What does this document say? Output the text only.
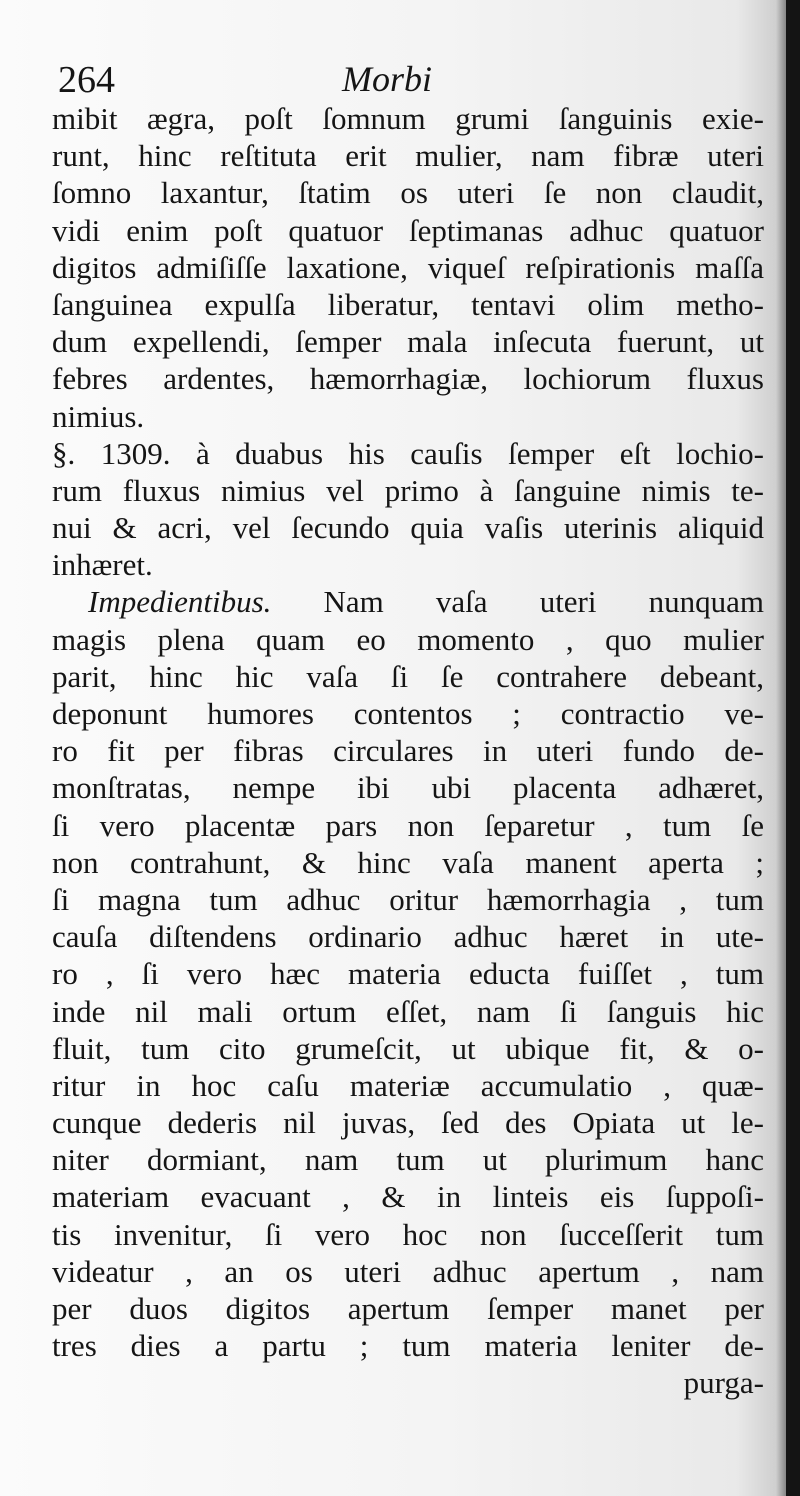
264	Morbi
mibit ægra, poſt ſomnum grumi ſanguinis exie-
runt, hinc reſtituta erit mulier, nam fibræ uteri
ſomno laxantur, ſtatim os uteri ſe non claudit,
vidi enim poſt quatuor ſeptimanas adhuc quatuor
digitos admiſiſſe laxatione, viqueſ reſpirationis maſſa
ſanguinea expulſa liberatur, tentavi olim metho-
dum expellendi, ſemper mala inſecuta fuerunt, ut
febres ardentes, hæmorrhagiæ, lochiorum fluxus
nimius.
§. 1309. à duabus his cauſis ſemper eſt lochio-
rum fluxus nimius vel primo à ſanguine nimis te-
nui & acri, vel ſecundo quia vaſis uterinis aliquid
inhæret.
Impedientibus. Nam vaſa uteri nunquam
magis plena quam eo momento , quo mulier
parit, hinc hic vaſa ſi ſe contrahere debeant,
deponunt humores contentos ; contractio ve-
ro fit per fibras circulares in uteri fundo de-
monſtratas, nempe ibi ubi placenta adhæret,
ſi vero placentæ pars non ſeparetur , tum ſe
non contrahunt, & hinc vaſa manent aperta ;
ſi magna tum adhuc oritur hæmorrhagia , tum
cauſa diſtendens ordinario adhuc hæret in ute-
ro , ſi vero hæc materia educta fuiſſet , tum
inde nil mali ortum eſſet, nam ſi ſanguis hic
fluit, tum cito grumeſcit, ut ubique fit, & o-
ritur in hoc caſu materiæ accumulatio , quæ-
cunque dederis nil juvas, ſed des Opiata ut le-
niter dormiant, nam tum ut plurimum hanc
materiam evacuant , & in linteis eis ſuppoſi-
tis invenitur, ſi vero hoc non ſucceſſerit tum
videatur , an os uteri adhuc apertum , nam
per duos digitos apertum ſemper manet per
tres dies a partu ; tum materia leniter de-
purga-
